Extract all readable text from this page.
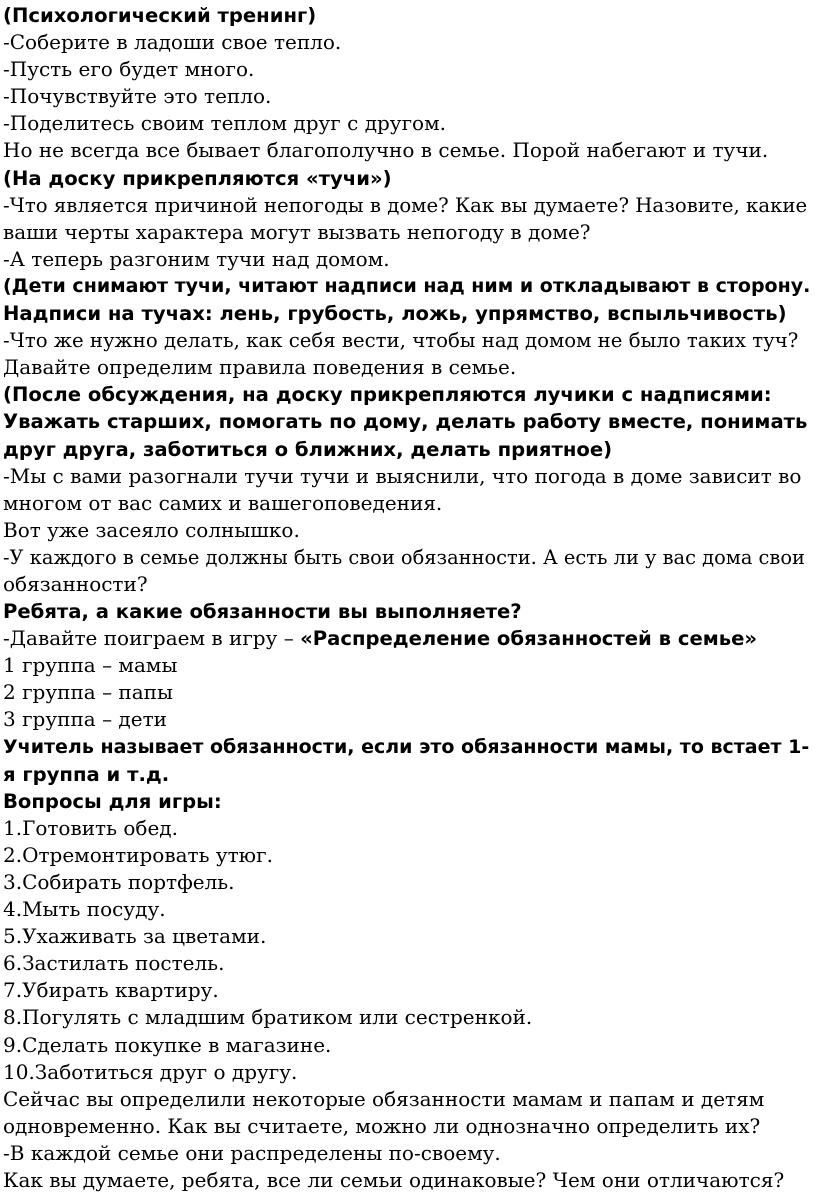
(Психологический тренинг)
-Соберите в ладоши свое тепло.
-Пусть его будет много.
-Почувствуйте это тепло.
-Поделитесь своим теплом друг с другом.
Но не всегда все бывает благополучно в семье. Порой набегают и тучи.
(На доску прикрепляются «тучи»)
-Что является причиной непогоды в доме? Как вы думаете? Назовите, какие
ваши черты характера могут вызвать непогоду в доме?
-А теперь разгоним тучи над домом.
(Дети снимают тучи, читают надписи над ним и откладывают в сторону.
Надписи на тучах: лень, грубость, ложь, упрямство, вспыльчивость)
-Что же нужно делать, как себя вести, чтобы над домом не было таких туч?
Давайте определим правила поведения в семье.
(После обсуждения, на доску прикрепляются лучики с надписями:
Уважать старших, помогать по дому, делать работу вместе, понимать
друг друга, заботиться о ближних, делать приятное)
-Мы с вами разогнали тучи тучи и выяснили, что погода в доме зависит во
многом от вас самих и вашегоповедения.
Вот уже засеяло солнышко.
-У каждого в семье должны быть свои обязанности. А есть ли у вас дома свои
обязанности?
Ребята, а какие обязанности вы выполняете?
-Давайте поиграем в игру – «Распределение обязанностей в семье»
1 группа – мамы
2 группа – папы
3 группа – дети
Учитель называет обязанности, если это обязанности мамы, то встает 1-
я группа и т.д.
Вопросы для игры:
1.Готовить обед.
2.Отремонтировать утюг.
3.Собирать портфель.
4.Мыть посуду.
5.Ухаживать за цветами.
6.Застилать постель.
7.Убирать квартиру.
8.Погулять с младшим братиком или сестренкой.
9.Сделать покупке в магазине.
10.Заботиться друг о другу.
Сейчас вы определили некоторые обязанности мамам и папам и детям
одновременно. Как вы считаете, можно ли однозначно определить их?
-В каждой семье они распределены по-своему.
Как вы думаете, ребята, все ли семьи одинаковые? Чем они отличаются?
